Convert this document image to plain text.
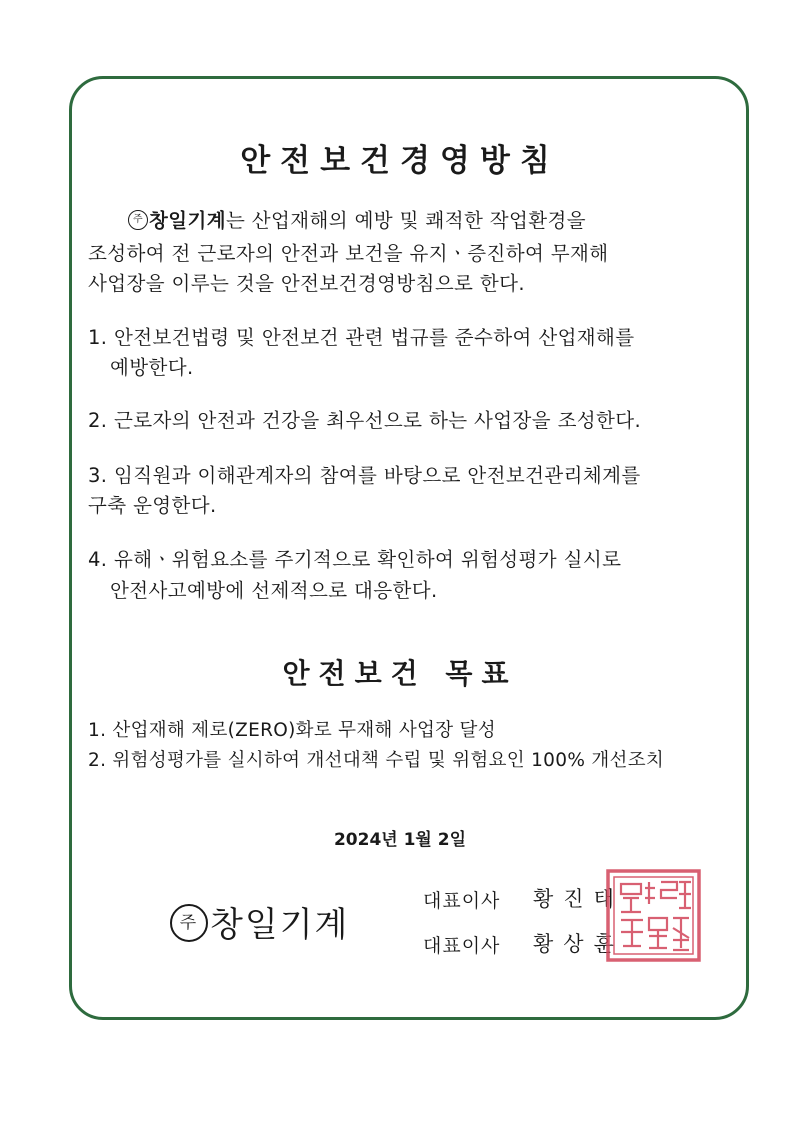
안전보건경영방침
주 창일기계는 산업재해의 예방 및 쾌적한 작업환경을
조성하여 전 근로자의 안전과 보건을 유지ㆍ증진하여 무재해
사업장을 이루는 것을 안전보건경영방침으로 한다.
1. 안전보건법령 및 안전보건 관련 법규를 준수하여 산업재해를
예방한다.
2. 근로자의 안전과 건강을 최우선으로 하는 사업장을 조성한다.
3. 임직원과 이해관계자의 참여를 바탕으로 안전보건관리체계를
구축 운영한다.
4. 유해ㆍ위험요소를 주기적으로 확인하여 위험성평가 실시로
안전사고예방에 선제적으로 대응한다.
안전보건 목표
1. 산업재해 제로(ZERO)화로 무재해 사업장 달성
2. 위험성평가를 실시하여 개선대책 수립 및 위험요인 100% 개선조치
2024년 1월 2일
주 창일기계
대표이사 황진태
대표이사 황상훈
